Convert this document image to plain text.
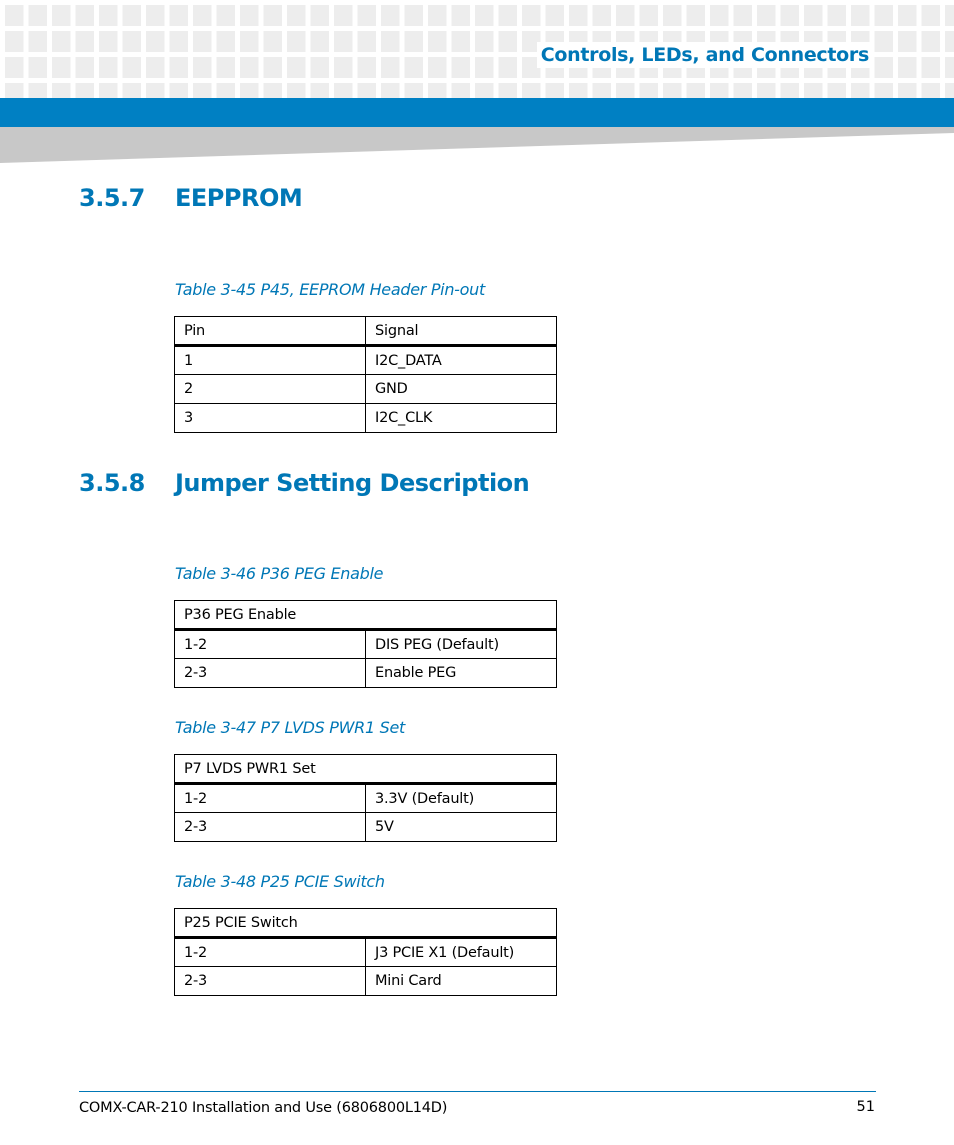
Controls, LEDs, and Connectors
3.5.7 EEPPROM

Table 3-45 P45, EEPROM Header Pin-out

Pin	Signal
1	I2C_DATA
2	GND
3	I2C_CLK
3.5.8 Jumper Setting Description

Table 3-46 P36 PEG Enable

P36 PEG Enable	
1-2	DIS PEG (Default)
2-3	Enable PEG

Table 3-47 P7 LVDS PWR1 Set

P7 LVDS PWR1 Set	
1-2	3.3V (Default)
2-3	5V

Table 3-48 P25 PCIE Switch

P25 PCIE Switch	
1-2	J3 PCIE X1 (Default)
2-3	Mini Card
COMX-CAR-210 Installation and Use (6806800L14D)	51
